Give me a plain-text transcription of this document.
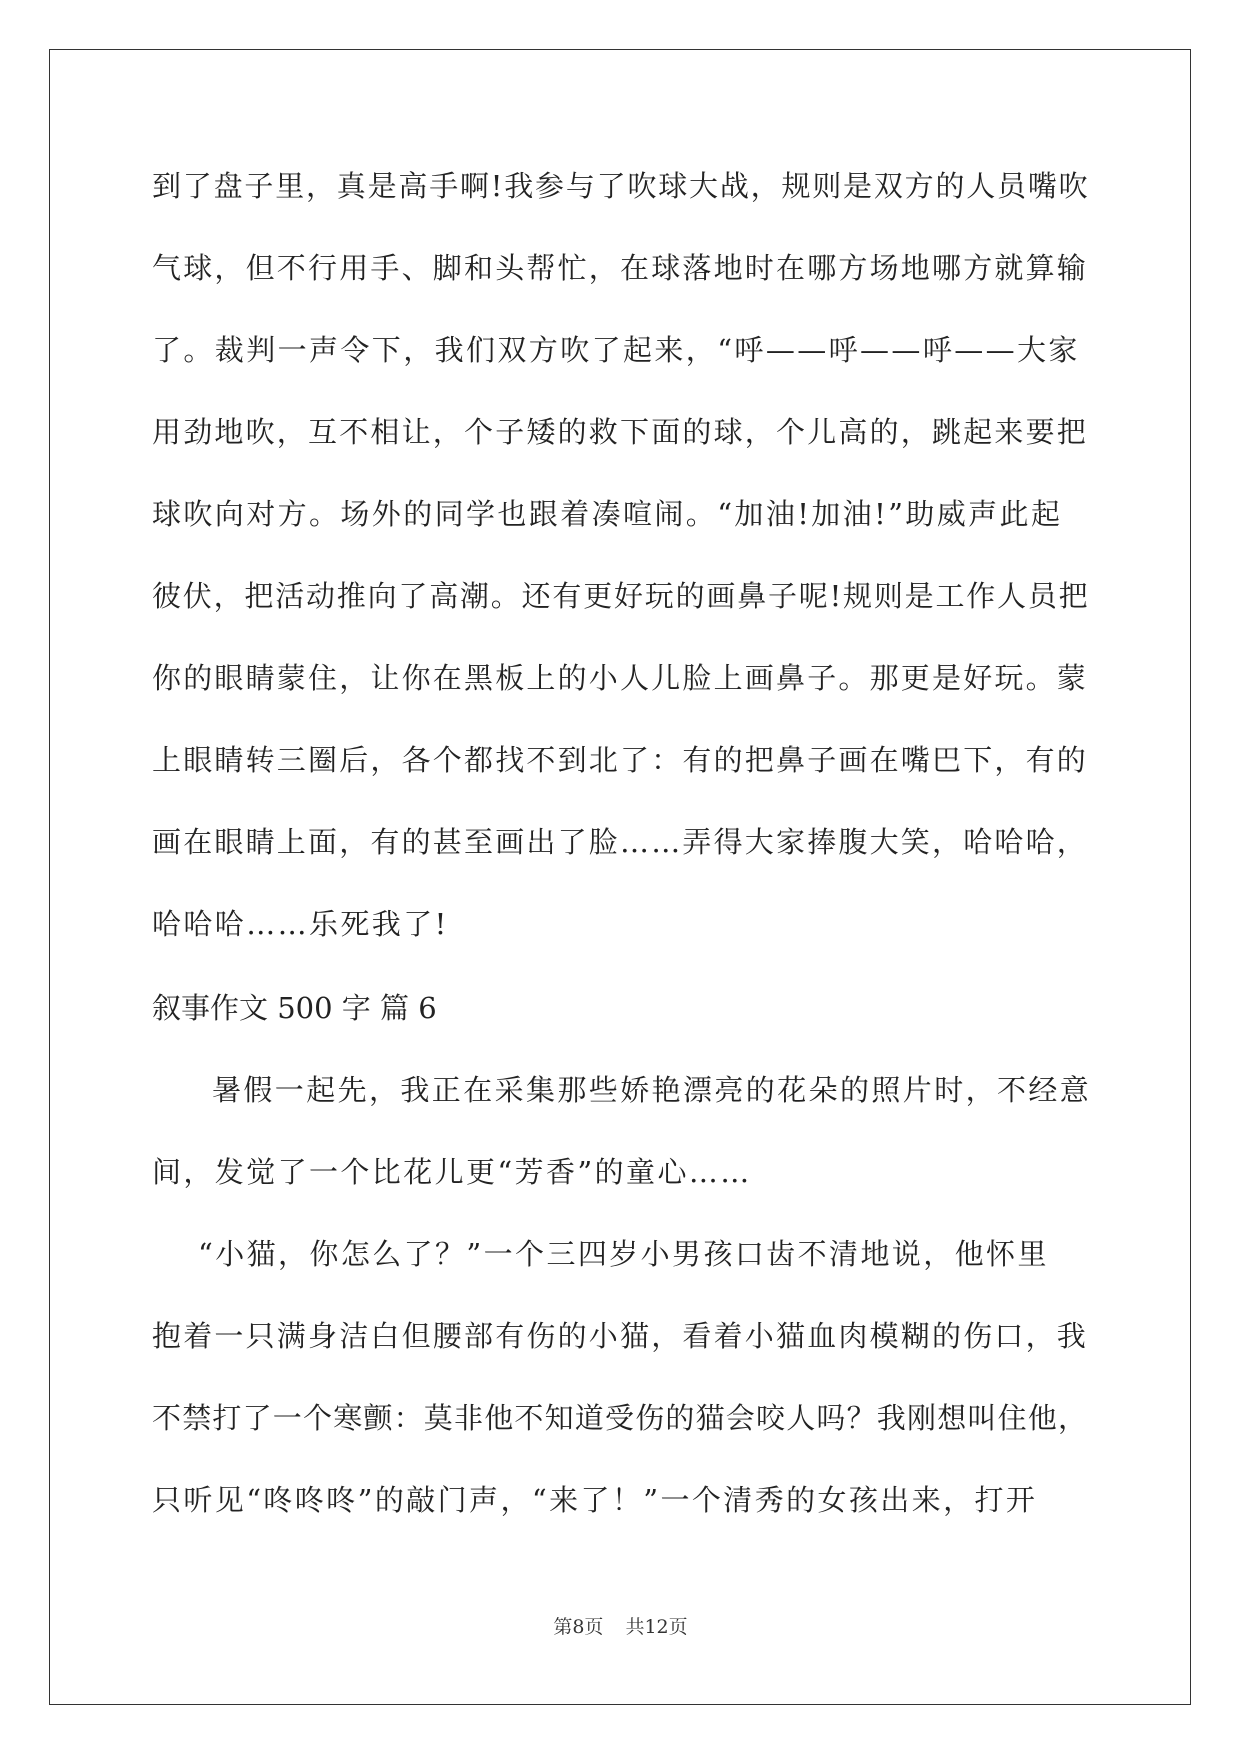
到了盘子里，真是高手啊!我参与了吹球大战，规则是双方的人员嘴吹
气球，但不行用手、脚和头帮忙，在球落地时在哪方场地哪方就算输
了。裁判一声令下，我们双方吹了起来，“呼——呼——呼——大家
用劲地吹，互不相让，个子矮的救下面的球，个儿高的，跳起来要把
球吹向对方。场外的同学也跟着凑喧闹。“加油!加油!”助威声此起
彼伏，把活动推向了高潮。还有更好玩的画鼻子呢!规则是工作人员把
你的眼睛蒙住，让你在黑板上的小人儿脸上画鼻子。那更是好玩。蒙
上眼睛转三圈后，各个都找不到北了：有的把鼻子画在嘴巴下，有的
画在眼睛上面，有的甚至画出了脸……弄得大家捧腹大笑，哈哈哈，
哈哈哈……乐死我了!
叙事作文 500 字 篇 6
暑假一起先，我正在采集那些娇艳漂亮的花朵的照片时，不经意
间，发觉了一个比花儿更“芳香”的童心……
“小猫，你怎么了？”一个三四岁小男孩口齿不清地说，他怀里
抱着一只满身洁白但腰部有伤的小猫，看着小猫血肉模糊的伤口，我
不禁打了一个寒颤：莫非他不知道受伤的猫会咬人吗？我刚想叫住他，
只听见“咚咚咚”的敲门声，“来了！”一个清秀的女孩出来，打开
第8页 共12页
